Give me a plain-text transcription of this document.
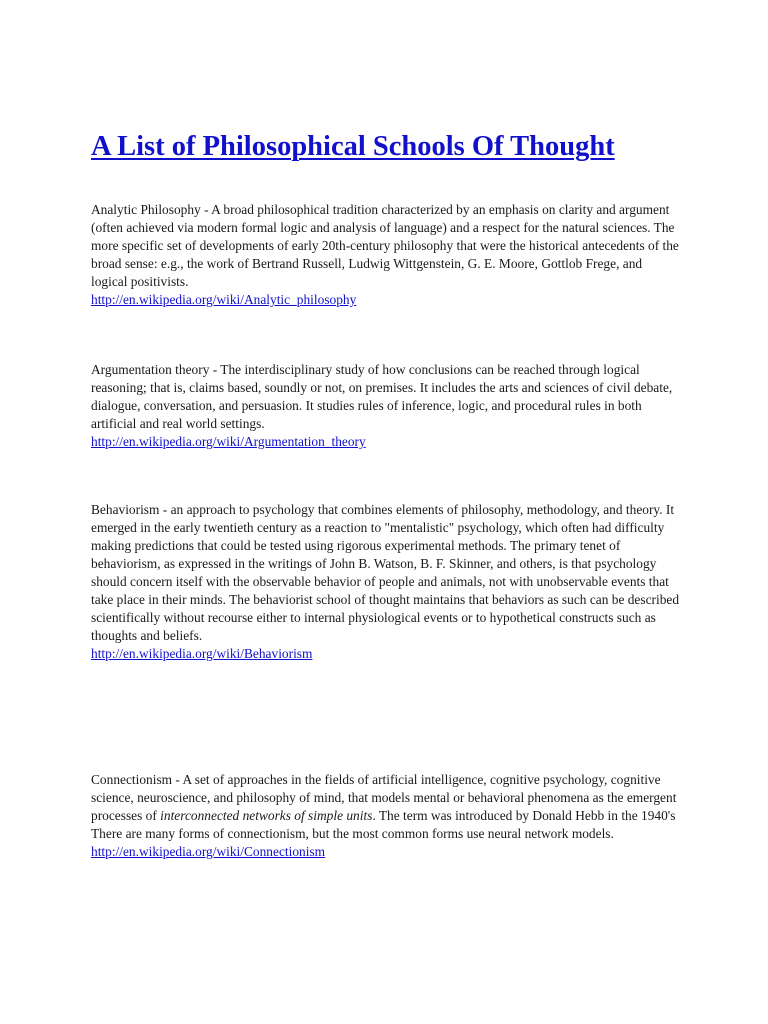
A List of Philosophical Schools Of Thought

Analytic Philosophy - A broad philosophical tradition characterized by an emphasis on clarity and argument (often achieved via modern formal logic and analysis of language) and a respect for the natural sciences. The more specific set of developments of early 20th-century philosophy that were the historical antecedents of the broad sense: e.g., the work of Bertrand Russell, Ludwig Wittgenstein, G. E. Moore, Gottlob Frege, and logical positivists.

http://en.wikipedia.org/wiki/Analytic_philosophy

Argumentation theory - The interdisciplinary study of how conclusions can be reached through logical reasoning; that is, claims based, soundly or not, on premises. It includes the arts and sciences of civil debate, dialogue, conversation, and persuasion. It studies rules of inference, logic, and procedural rules in both artificial and real world settings.

http://en.wikipedia.org/wiki/Argumentation_theory

Behaviorism - an approach to psychology that combines elements of philosophy, methodology, and theory. It emerged in the early twentieth century as a reaction to "mentalistic" psychology, which often had difficulty making predictions that could be tested using rigorous experimental methods. The primary tenet of behaviorism, as expressed in the writings of John B. Watson, B. F. Skinner, and others, is that psychology should concern itself with the observable behavior of people and animals, not with unobservable events that take place in their minds. The behaviorist school of thought maintains that behaviors as such can be described scientifically without recourse either to internal physiological events or to hypothetical constructs such as thoughts and beliefs.

http://en.wikipedia.org/wiki/Behaviorism

Connectionism - A set of approaches in the fields of artificial intelligence, cognitive psychology, cognitive science, neuroscience, and philosophy of mind, that models mental or behavioral phenomena as the emergent processes of interconnected networks of simple units. The term was introduced by Donald Hebb in the 1940's There are many forms of connectionism, but the most common forms use neural network models.

http://en.wikipedia.org/wiki/Connectionism
